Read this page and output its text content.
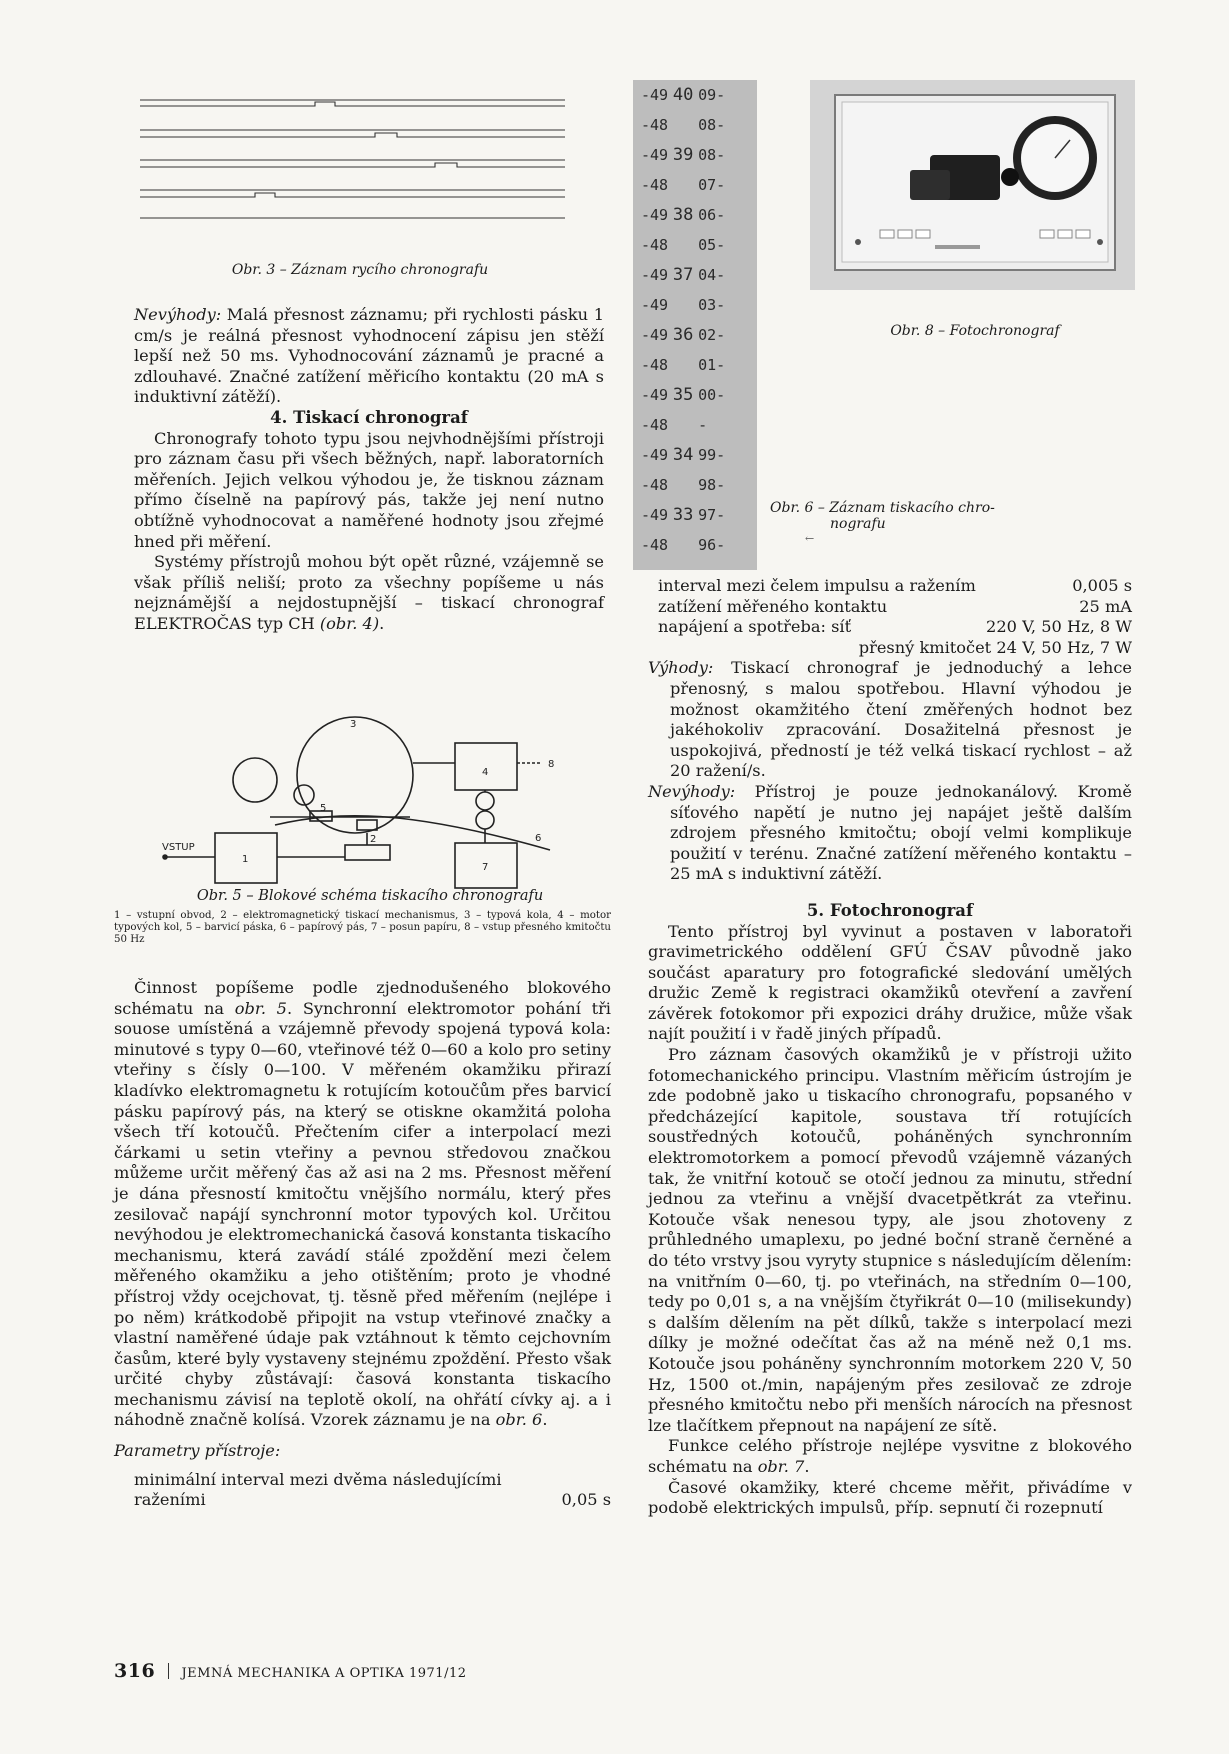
Obr. 3 – Záznam rycího chronografu
-49 40 09-
-48 08-
-49 39 08-
-48 07-
-49 38 06-
-48 05-
-49 37 04-
-49 03-
-49 36 02-
-48 01-
-49 35 00-
-48 -
-49 34 99-
-48 98-
-49 33 97-
-48 96-
Obr. 8 – Fotochronograf
Obr. 6 – Záznam tiskacího chro-
nografu
←

Nevýhody: Malá přesnost záznamu; při rychlosti pásku 1 cm/s je reálná přesnost vyhodnocení zápisu jen stěží lepší než 50 ms. Vyhodnocování záznamů je pracné a zdlouhavé. Značné zatížení měřicího kontaktu (20 mA s induktivní zátěží).

4. Tiskací chronograf

Chronografy tohoto typu jsou nejvhodnějšími přístroji pro záznam času při všech běžných, např. laboratorních měřeních. Jejich velkou výhodou je, že tisknou záznam přímo číselně na papírový pás, takže jej není nutno obtížně vyhodnocovat a naměřené hodnoty jsou zřejmé hned při měření.

Systémy přístrojů mohou být opět různé, vzájemně se však příliš neliší; proto za všechny popíšeme u nás nejznámější a nejdostupnější – tiskací chronograf ELEKTROČAS typ CH (obr. 4).

VSTUP
1
2
3
4
5
6
7
8
Obr. 5 – Blokové schéma tiskacího chronografu
1 – vstupní obvod, 2 – elektromagnetický tiskací mechanismus, 3 – typová kola, 4 – motor typových kol, 5 – barvicí páska, 6 – papírový pás, 7 – posun papíru, 8 – vstup přesného kmitočtu 50 Hz

Činnost popíšeme podle zjednodušeného blokového schématu na obr. 5. Synchronní elektromotor pohání tři souose umístěná a vzájemně převody spojená typová kola: minutové s typy 0—60, vteřinové též 0—60 a kolo pro setiny vteřiny s čísly 0—100. V měřeném okamžiku přirazí kladívko elektromagnetu k rotujícím kotoučům přes barvicí pásku papírový pás, na který se otiskne okamžitá poloha všech tří kotoučů. Přečtením cifer a interpolací mezi čárkami u setin vteřiny a pevnou středovou značkou můžeme určit měřený čas až asi na 2 ms. Přesnost měření je dána přesností kmitočtu vnějšího normálu, který přes zesilovač napájí synchronní motor typových kol. Určitou nevýhodou je elektromechanická časová konstanta tiskacího mechanismu, která zavádí stálé zpoždění mezi čelem měřeného okamžiku a jeho otištěním; proto je vhodné přístroj vždy ocejchovat, tj. těsně před měřením (nejlépe i po něm) krátkodobě připojit na vstup vteřinové značky a vlastní naměřené údaje pak vztáhnout k těmto cejchovním časům, které byly vystaveny stejnému zpoždění. Přesto však určité chyby zůstávají: časová konstanta tiskacího mechanismu závisí na teplotě okolí, na ohřátí cívky aj. a i náhodně značně kolísá. Vzorek záznamu je na obr. 6.

Parametry přístroje:

minimální interval mezi dvěma následujícími
raženími	0,05 s
interval mezi čelem impulsu a ražením	0,005 s
zatížení měřeného kontaktu	25 mA
napájení a spotřeba: síť	220 V, 50 Hz, 8 W
přesný kmitočet 24 V, 50 Hz, 7 W

Výhody: Tiskací chronograf je jednoduchý a lehce přenosný, s malou spotřebou. Hlavní výhodou je možnost okamžitého čtení změřených hodnot bez jakéhokoliv zpracování. Dosažitelná přesnost je uspokojivá, předností je též velká tiskací rychlost – až 20 ražení/s.

Nevýhody: Přístroj je pouze jednokanálový. Kromě síťového napětí je nutno jej napájet ještě dalším zdrojem přesného kmitočtu; obojí velmi komplikuje použití v terénu. Značné zatížení měřeného kontaktu – 25 mA s induktivní zátěží.

5. Fotochronograf

Tento přístroj byl vyvinut a postaven v laboratoři gravimetrického oddělení GFÚ ČSAV původně jako součást aparatury pro fotografické sledování umělých družic Země k registraci okamžiků otevření a zavření závěrek fotokomor při expozici dráhy družice, může však najít použití i v řadě jiných případů.

Pro záznam časových okamžiků je v přístroji užito fotomechanického principu. Vlastním měřicím ústrojím je zde podobně jako u tiskacího chronografu, popsaného v předcházející kapitole, soustava tří rotujících soustředných kotoučů, poháněných synchronním elektromotorkem a pomocí převodů vzájemně vázaných tak, že vnitřní kotouč se otočí jednou za minutu, střední jednou za vteřinu a vnější dvacetpětkrát za vteřinu. Kotouče však nenesou typy, ale jsou zhotoveny z průhledného umaplexu, po jedné boční straně černěné a do této vrstvy jsou vyryty stupnice s následujícím dělením: na vnitřním 0—60, tj. po vteřinách, na středním 0—100, tedy po 0,01 s, a na vnějším čtyřikrát 0—10 (milisekundy) s dalším dělením na pět dílků, takže s interpolací mezi dílky je možné odečítat čas až na méně než 0,1 ms. Kotouče jsou poháněny synchronním motorkem 220 V, 50 Hz, 1500 ot./min, napájeným přes zesilovač ze zdroje přesného kmitočtu nebo při menších nárocích na přesnost lze tlačítkem přepnout na napájení ze sítě.

Funkce celého přístroje nejlépe vysvitne z blokového schématu na obr. 7.

Časové okamžiky, které chceme měřit, přivádíme v podobě elektrických impulsů, příp. sepnutí či rozepnutí

316 JEMNÁ MECHANIKA A OPTIKA 1971/12
